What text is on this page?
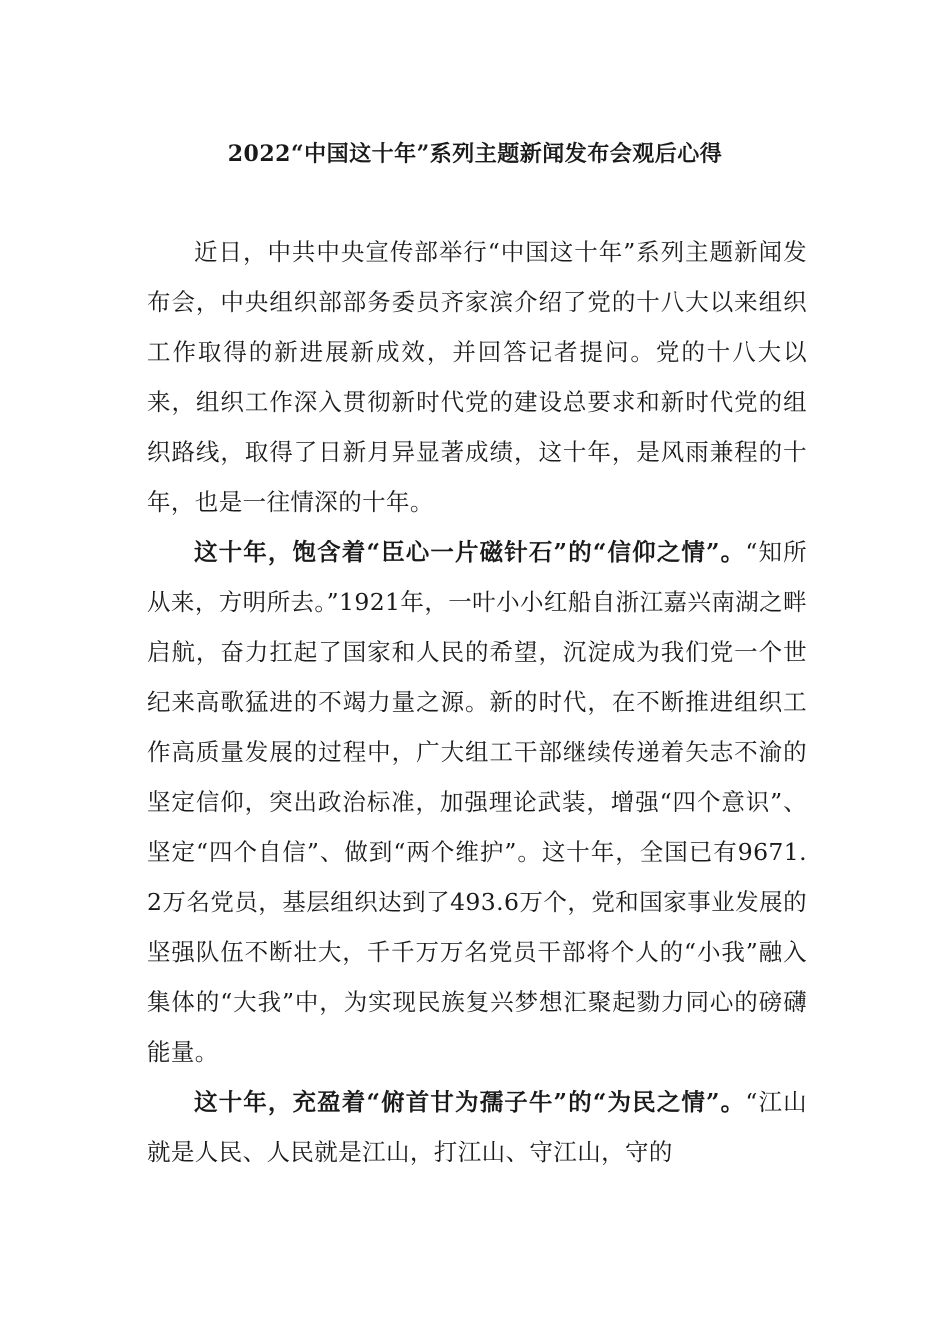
2022“中国这十年”系列主题新闻发布会观后心得

近日，中共中央宣传部举行“中国这十年”系列主题新闻发布会，中央组织部部务委员齐家滨介绍了党的十八大以来组织工作取得的新进展新成效，并回答记者提问。党的十八大以来，组织工作深入贯彻新时代党的建设总要求和新时代党的组织路线，取得了日新月异显著成绩，这十年，是风雨兼程的十年，也是一往情深的十年。

这十年，饱含着“臣心一片磁针石”的“信仰之情”。“知所从来，方明所去。”1921年，一叶小小红船自浙江嘉兴南湖之畔启航，奋力扛起了国家和人民的希望，沉淀成为我们党一个世纪来高歌猛进的不竭力量之源。新的时代，在不断推进组织工作高质量发展的过程中，广大组工干部继续传递着矢志不渝的坚定信仰，突出政治标准，加强理论武装，增强“四个意识”、坚定“四个自信”、做到“两个维护”。这十年，全国已有9671.2万名党员，基层组织达到了493.6万个，党和国家事业发展的坚强队伍不断壮大，千千万万名党员干部将个人的“小我”融入集体的“大我”中，为实现民族复兴梦想汇聚起勠力同心的磅礴能量。

这十年，充盈着“俯首甘为孺子牛”的“为民之情”。“江山就是人民、人民就是江山，打江山、守江山，守的
